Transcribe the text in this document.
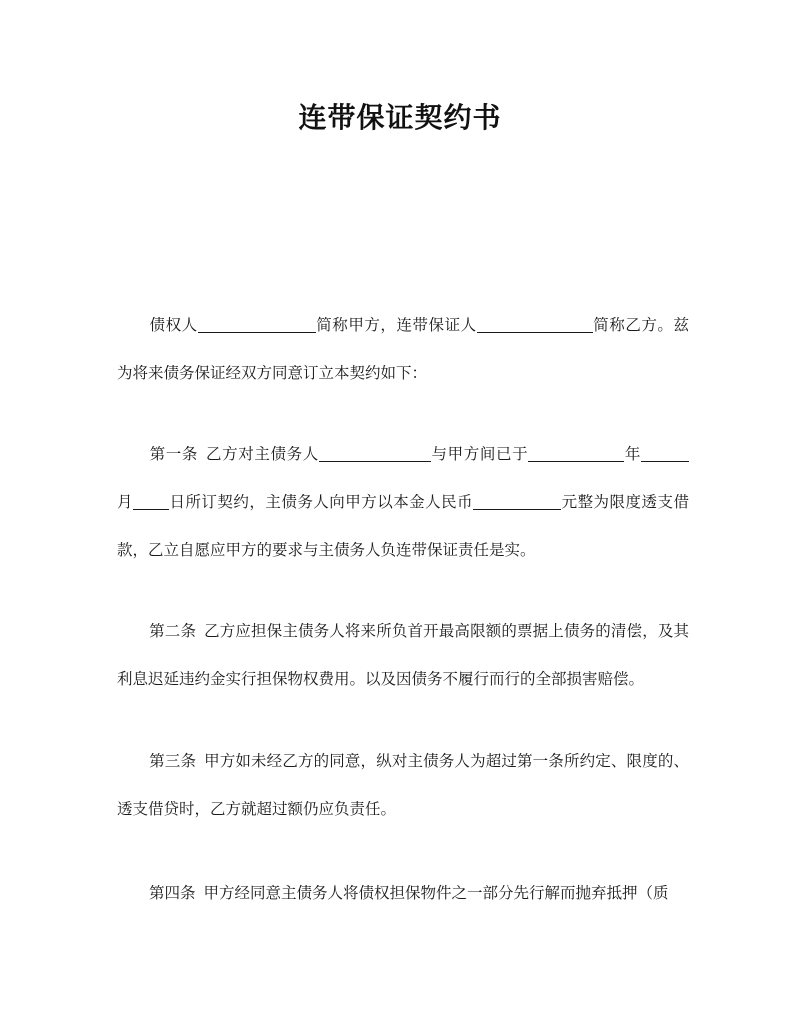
连带保证契约书

债权人	简称甲方，连带保证人	简称乙方。兹为将来债务保证经双方同意订立本契约如下：

第一条 乙方对主债务人	与甲方间已于	年月 日所订契约，主债务人向甲方以本金人民币	元整为限度透支借款，乙立自愿应甲方的要求与主债务人负连带保证责任是实。

第二条 乙方应担保主债务人将来所负首开最高限额的票据上债务的清偿，及其利息迟延违约金实行担保物权费用。以及因债务不履行而行的全部损害赔偿。

第三条 甲方如未经乙方的同意，纵对主债务人为超过第一条所约定、限度的、透支借贷时，乙方就超过额仍应负责任。

第四条 甲方经同意主债务人将债权担保物件之一部分先行解而抛弃抵押（质
